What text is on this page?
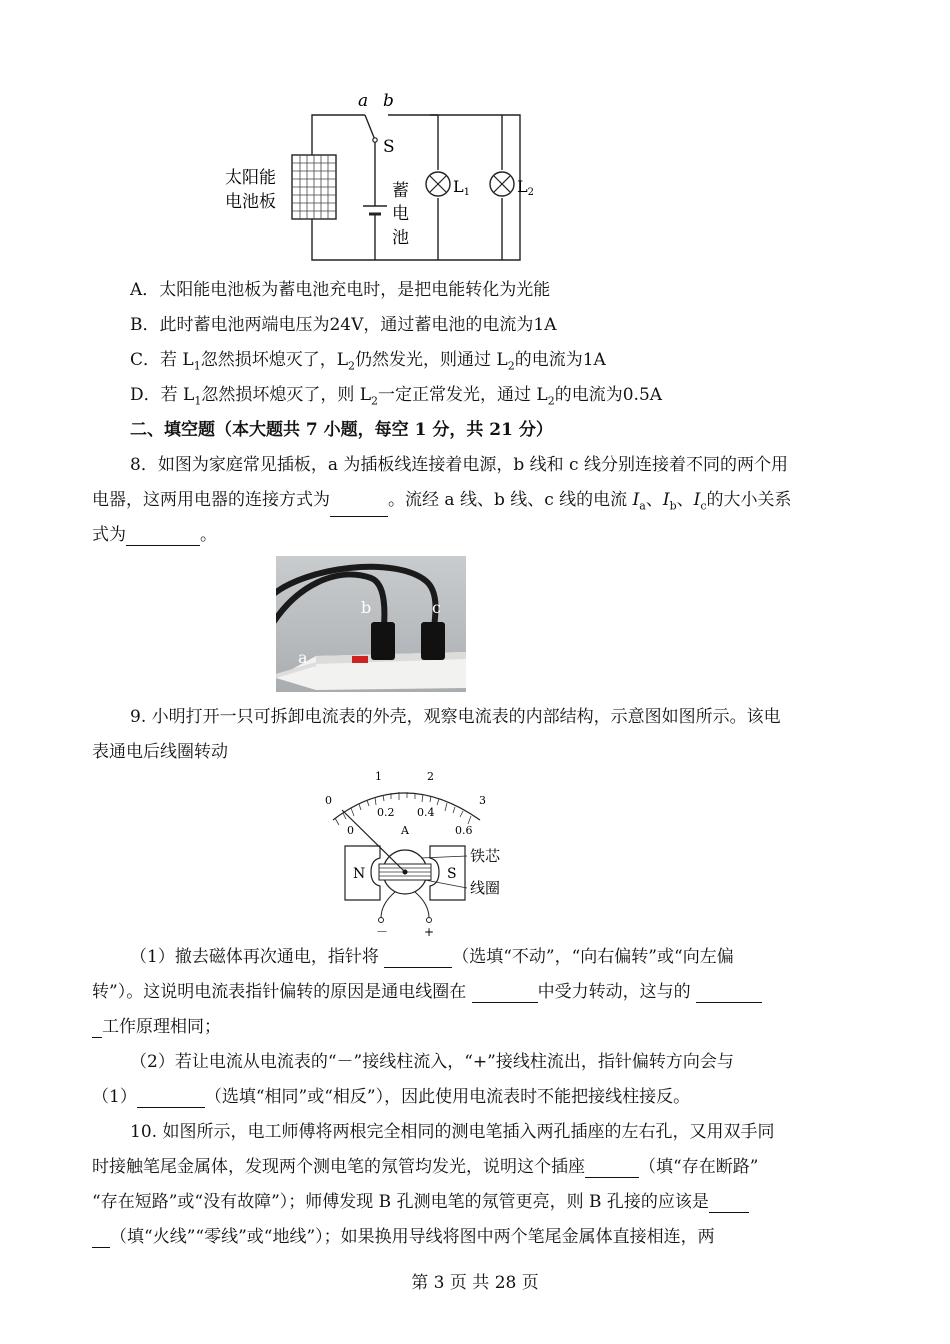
a b
S
太阳能
电池板
蓄
电
池
L1	L2
A．太阳能电池板为蓄电池充电时，是把电能转化为光能
B．此时蓄电池两端电压为24V，通过蓄电池的电流为1A
C．若 $L_1$忽然损坏熄灭了，$L_2$仍然发光，则通过 $L_2$的电流为1A
D．若 $L_1$忽然损坏熄灭了，则 $L_2$一定正常发光，通过 $L_2$的电流为0.5A
二、填空题（本大题共 7 小题，每空 1 分，共 21 分）
8．如图为家庭常见插板，a 为插板线连接着电源，b 线和 c 线分别连接着不同的两个用
电器，这两用电器的连接方式为	。流经 a 线、b 线、c 线的电流 $I_a$、$I_b$、$I_c$的大小关系
式为	。
a
b	c
9. 小明打开一只可拆卸电流表的外壳，观察电流表的内部结构，示意图如图所示。该电
表通电后线圈转动
0
1	2
3
0
0.2 0.4
0.6
A
N	S
铁芯
线圈
－	+
（1）撤去磁体再次通电，指针将	（选填“不动”，“向右偏转”或“向左偏
转”）。这说明电流表指针偏转的原因是通电线圈在	中受力转动，这与的
工作原理相同；
（2）若让电流从电流表的“－”接线柱流入，“+”接线柱流出，指针偏转方向会与
（1）	（选填“相同”或“相反”），因此使用电流表时不能把接线柱接反。
10. 如图所示，电工师傅将两根完全相同的测电笔插入两孔插座的左右孔，又用双手同
时接触笔尾金属体，发现两个测电笔的氖管均发光，说明这个插座	（填“存在断路”
“存在短路”或“没有故障”）；师傅发现 B 孔测电笔的氖管更亮，则 B 孔接的应该是
（填“火线”“零线”或“地线”）；如果换用导线将图中两个笔尾金属体直接相连，两
第 3 页 共 28 页
